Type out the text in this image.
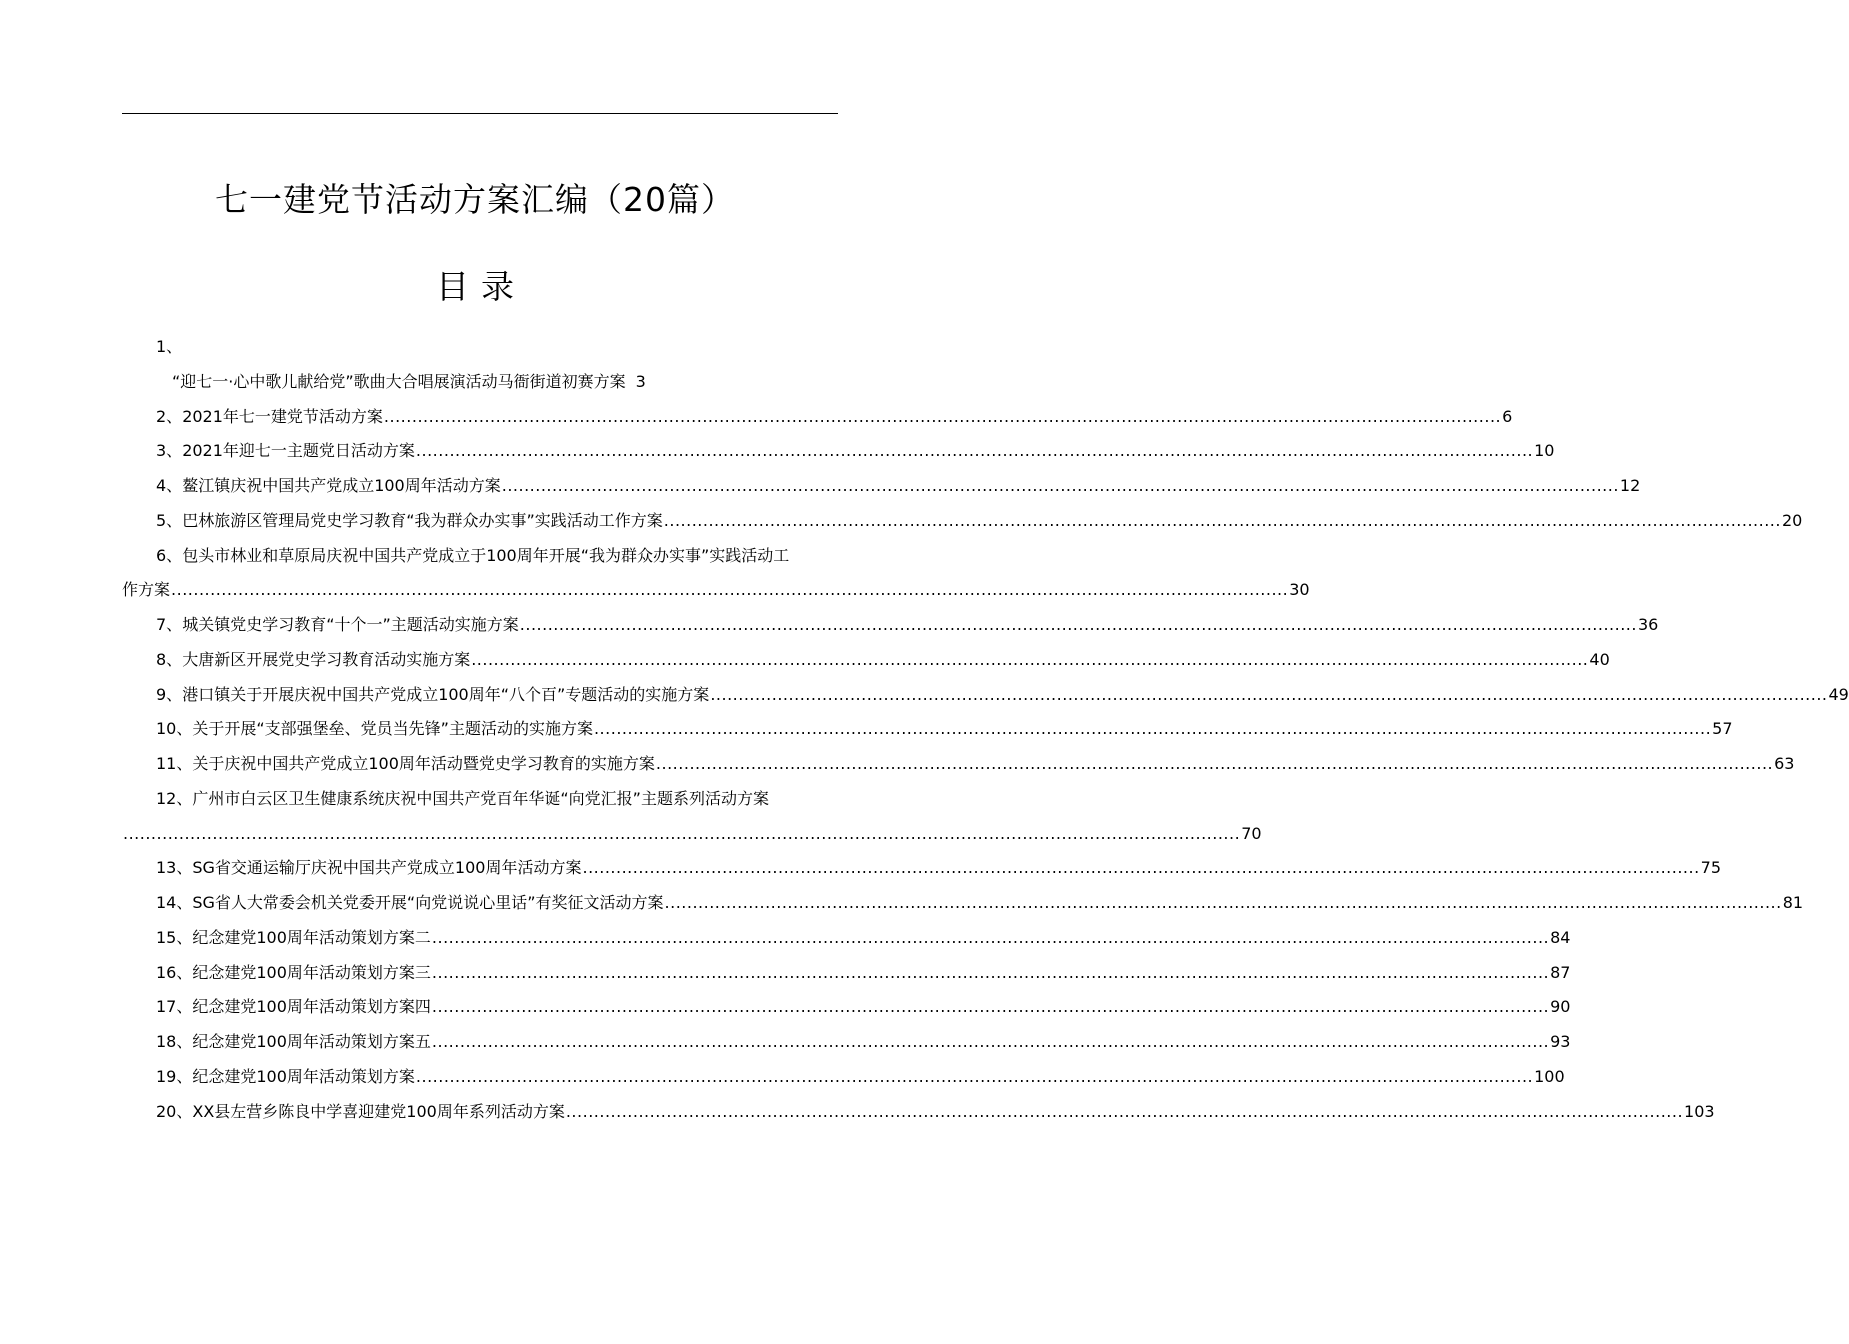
七一建党节活动方案汇编（20篇）
目录
1、
“迎七一·心中歌儿献给党”歌曲大合唱展演活动马衙街道初赛方案 3
2、2021年七一建党节活动方案 ........................................................................................................................................................................................................ 6
3、2021年迎七一主题党日活动方案 ........................................................................................................................................................................................................ 10
4、鳌江镇庆祝中国共产党成立100周年活动方案 ........................................................................................................................................................................................................ 12
5、巴林旅游区管理局党史学习教育“我为群众办实事”实践活动工作方案 ........................................................................................................................................................................................................ 20
6、包头市林业和草原局庆祝中国共产党成立于100周年开展“我为群众办实事”实践活动工
作方案 ........................................................................................................................................................................................................ 30
7、城关镇党史学习教育“十个一”主题活动实施方案 ........................................................................................................................................................................................................ 36
8、大唐新区开展党史学习教育活动实施方案 ........................................................................................................................................................................................................ 40
9、港口镇关于开展庆祝中国共产党成立100周年“八个百”专题活动的实施方案 ........................................................................................................................................................................................................ 49
10、关于开展“支部强堡垒、党员当先锋”主题活动的实施方案 ........................................................................................................................................................................................................ 57
11、关于庆祝中国共产党成立100周年活动暨党史学习教育的实施方案 ........................................................................................................................................................................................................ 63
12、广州市白云区卫生健康系统庆祝中国共产党百年华诞“向党汇报”主题系列活动方案
........................................................................................................................................................................................................ 70
13、SG省交通运输厅庆祝中国共产党成立100周年活动方案 ........................................................................................................................................................................................................ 75
14、SG省人大常委会机关党委开展“向党说说心里话”有奖征文活动方案 ........................................................................................................................................................................................................ 81
15、纪念建党100周年活动策划方案二 ........................................................................................................................................................................................................ 84
16、纪念建党100周年活动策划方案三 ........................................................................................................................................................................................................ 87
17、纪念建党100周年活动策划方案四 ........................................................................................................................................................................................................ 90
18、纪念建党100周年活动策划方案五 ........................................................................................................................................................................................................ 93
19、纪念建党100周年活动策划方案 ........................................................................................................................................................................................................ 100
20、XX县左营乡陈良中学喜迎建党100周年系列活动方案 ........................................................................................................................................................................................................ 103
